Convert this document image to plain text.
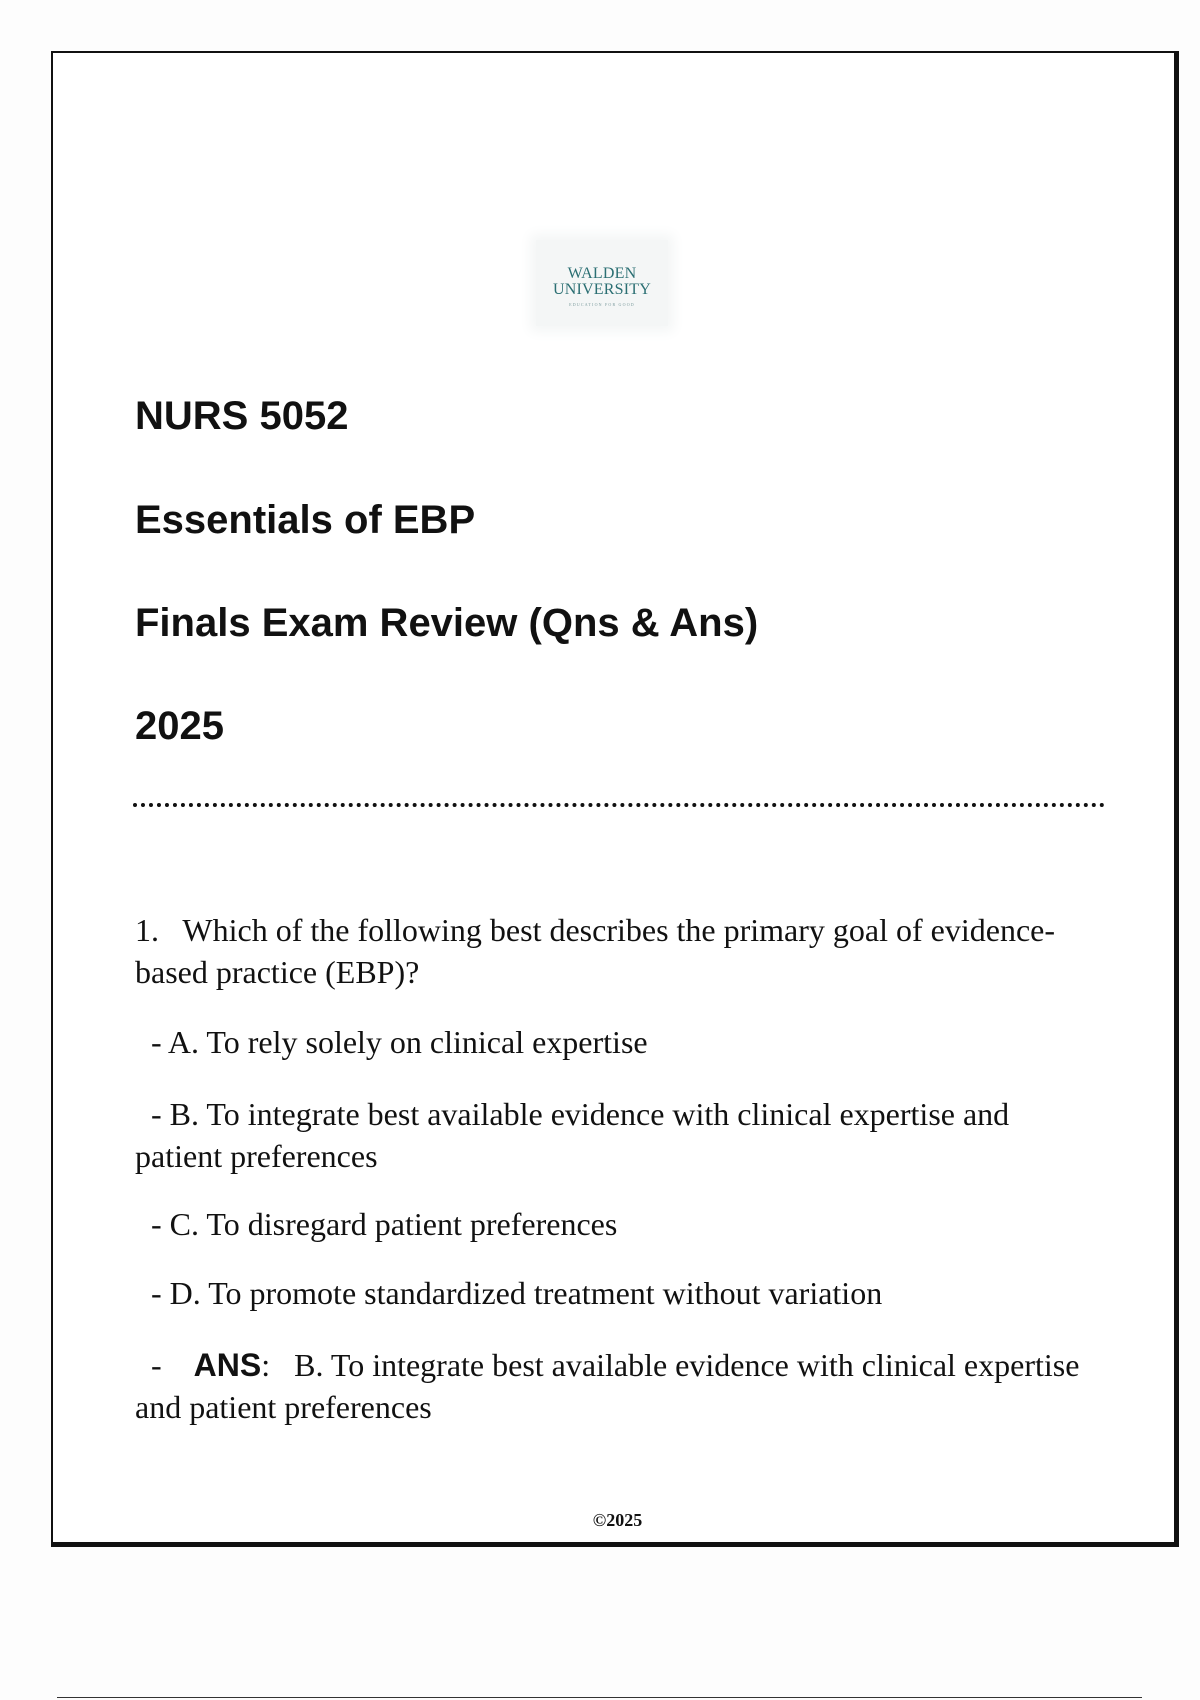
WALDEN
UNIVERSITY
EDUCATION FOR GOOD
NURS 5052
Essentials of EBP
Finals Exam Review (Qns & Ans)
2025
1. Which of the following best describes the primary goal of evidence-based practice (EBP)?
- A. To rely solely on clinical expertise
- B. To integrate best available evidence with clinical expertise and patient preferences
- C. To disregard patient preferences
- D. To promote standardized treatment without variation
- ANS:   B. To integrate best available evidence with clinical expertise and patient preferences
©2025
